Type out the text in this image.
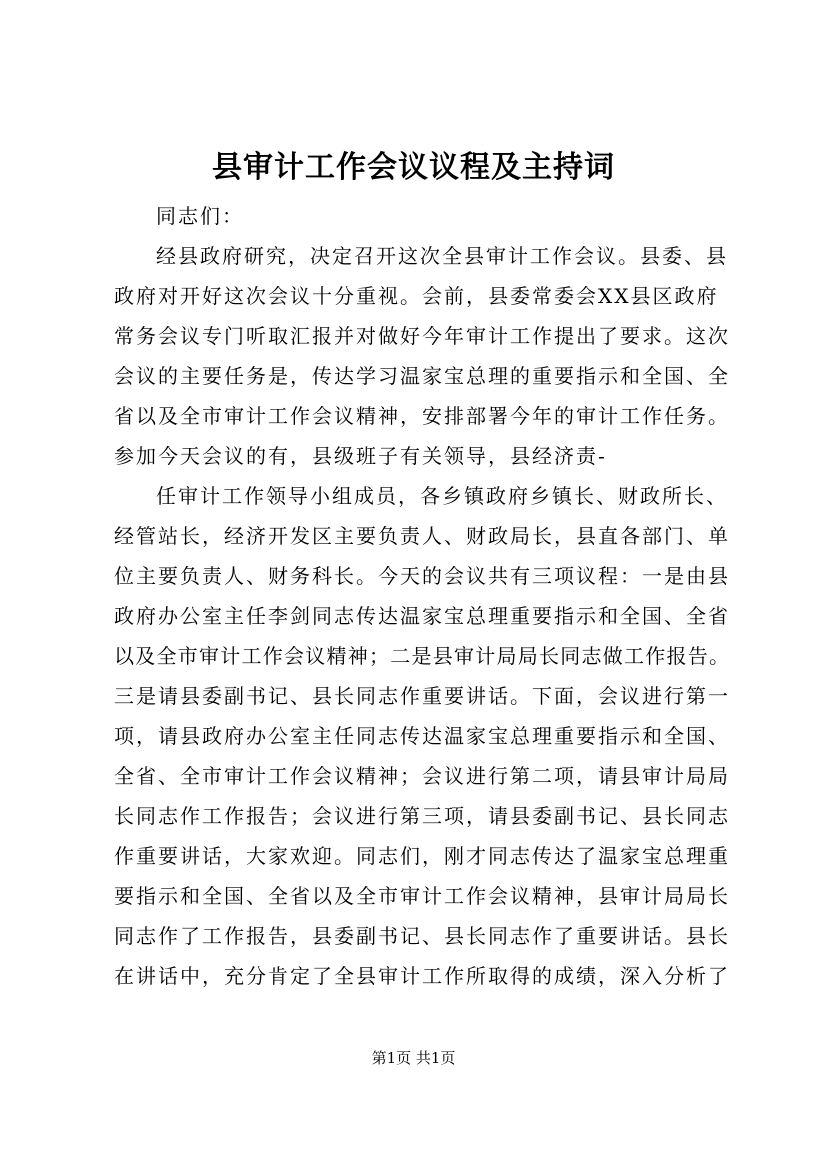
县审计工作会议议程及主持词
同志们：
经县政府研究，决定召开这次全县审计工作会议。县委、县
政府对开好这次会议十分重视。会前，县委常委会XX县区政府
常务会议专门听取汇报并对做好今年审计工作提出了要求。这次
会议的主要任务是，传达学习温家宝总理的重要指示和全国、全
省以及全市审计工作会议精神，安排部署今年的审计工作任务。
参加今天会议的有，县级班子有关领导，县经济责-
任审计工作领导小组成员，各乡镇政府乡镇长、财政所长、
经管站长，经济开发区主要负责人、财政局长，县直各部门、单
位主要负责人、财务科长。今天的会议共有三项议程：一是由县
政府办公室主任李剑同志传达温家宝总理重要指示和全国、全省
以及全市审计工作会议精神；二是县审计局局长同志做工作报告。
三是请县委副书记、县长同志作重要讲话。下面，会议进行第一
项，请县政府办公室主任同志传达温家宝总理重要指示和全国、
全省、全市审计工作会议精神；会议进行第二项，请县审计局局
长同志作工作报告；会议进行第三项，请县委副书记、县长同志
作重要讲话，大家欢迎。同志们，刚才同志传达了温家宝总理重
要指示和全国、全省以及全市审计工作会议精神，县审计局局长
同志作了工作报告，县委副书记、县长同志作了重要讲话。县长
在讲话中，充分肯定了全县审计工作所取得的成绩，深入分析了
第1页 共1页
